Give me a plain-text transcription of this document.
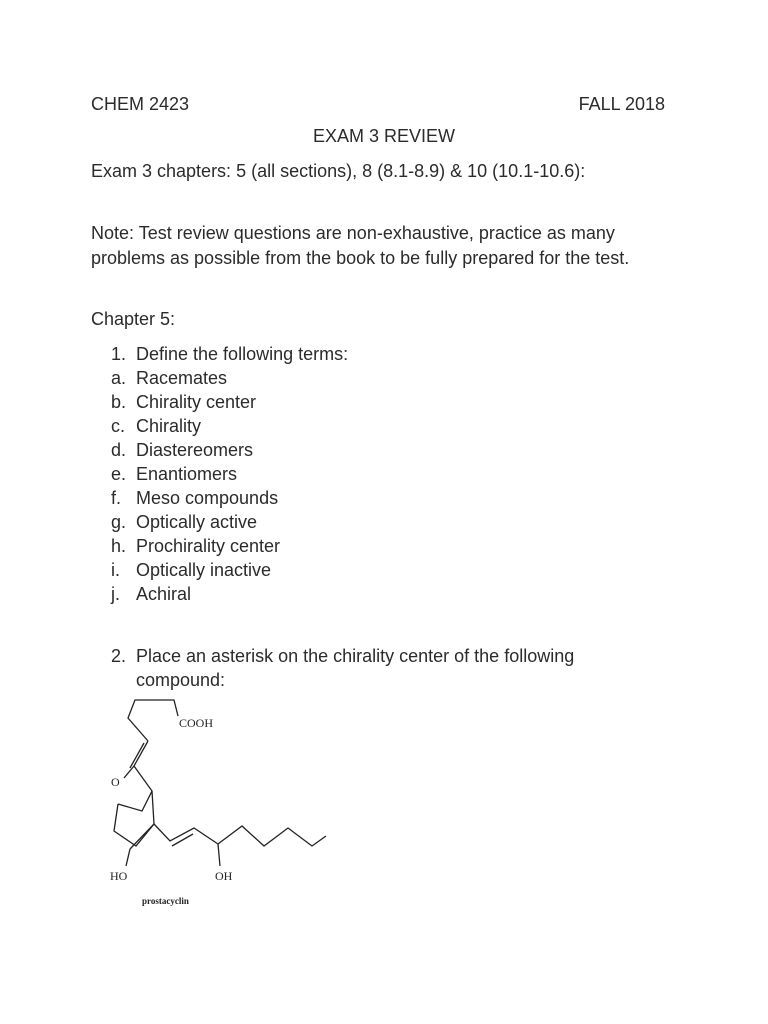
CHEM 2423	FALL 2018
EXAM 3 REVIEW
Exam 3 chapters: 5 (all sections), 8 (8.1-8.9) & 10 (10.1-10.6):
Note: Test review questions are non-exhaustive, practice as many problems as possible from the book to be fully prepared for the test.
Chapter 5:
1. Define the following terms:
a. Racemates
b. Chirality center
c. Chirality
d. Diastereomers
e. Enantiomers
f. Meso compounds
g. Optically active
h. Prochirality center
i. Optically inactive
j. Achiral
2. Place an asterisk on the chirality center of the following compound:
COOH
O
HO	OH
prostacyclin
